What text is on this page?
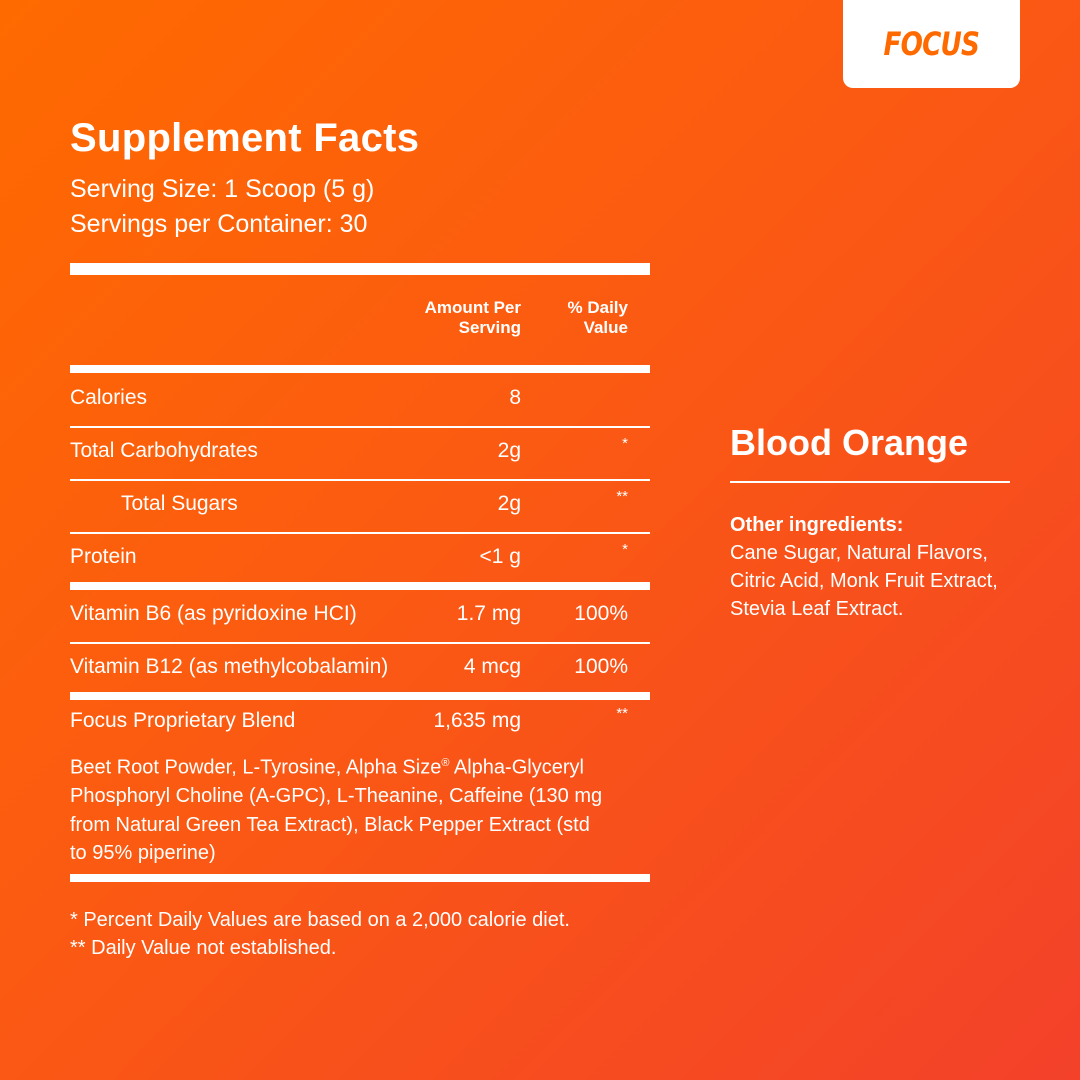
FOCUS
Supplement Facts
Serving Size: 1 Scoop (5 g)
Servings per Container: 30
Amount Per
Serving
% Daily
Value
Calories	8
Total Carbohydrates	2g	*
Total Sugars	2g	**
Protein	<1 g	*
Vitamin B6 (as pyridoxine HCI)	1.7 mg	100%
Vitamin B12 (as methylcobalamin)	4 mcg	100%
Focus Proprietary Blend	1,635 mg	**
Beet Root Powder, L-Tyrosine, Alpha Size® Alpha-Glyceryl Phosphoryl Choline (A-GPC), L-Theanine, Caffeine (130 mg from Natural Green Tea Extract), Black Pepper Extract (std to 95% piperine)
* Percent Daily Values are based on a 2,000 calorie diet.
** Daily Value not established.
Blood Orange
Other ingredients:
Cane Sugar, Natural Flavors, Citric Acid, Monk Fruit Extract, Stevia Leaf Extract.
